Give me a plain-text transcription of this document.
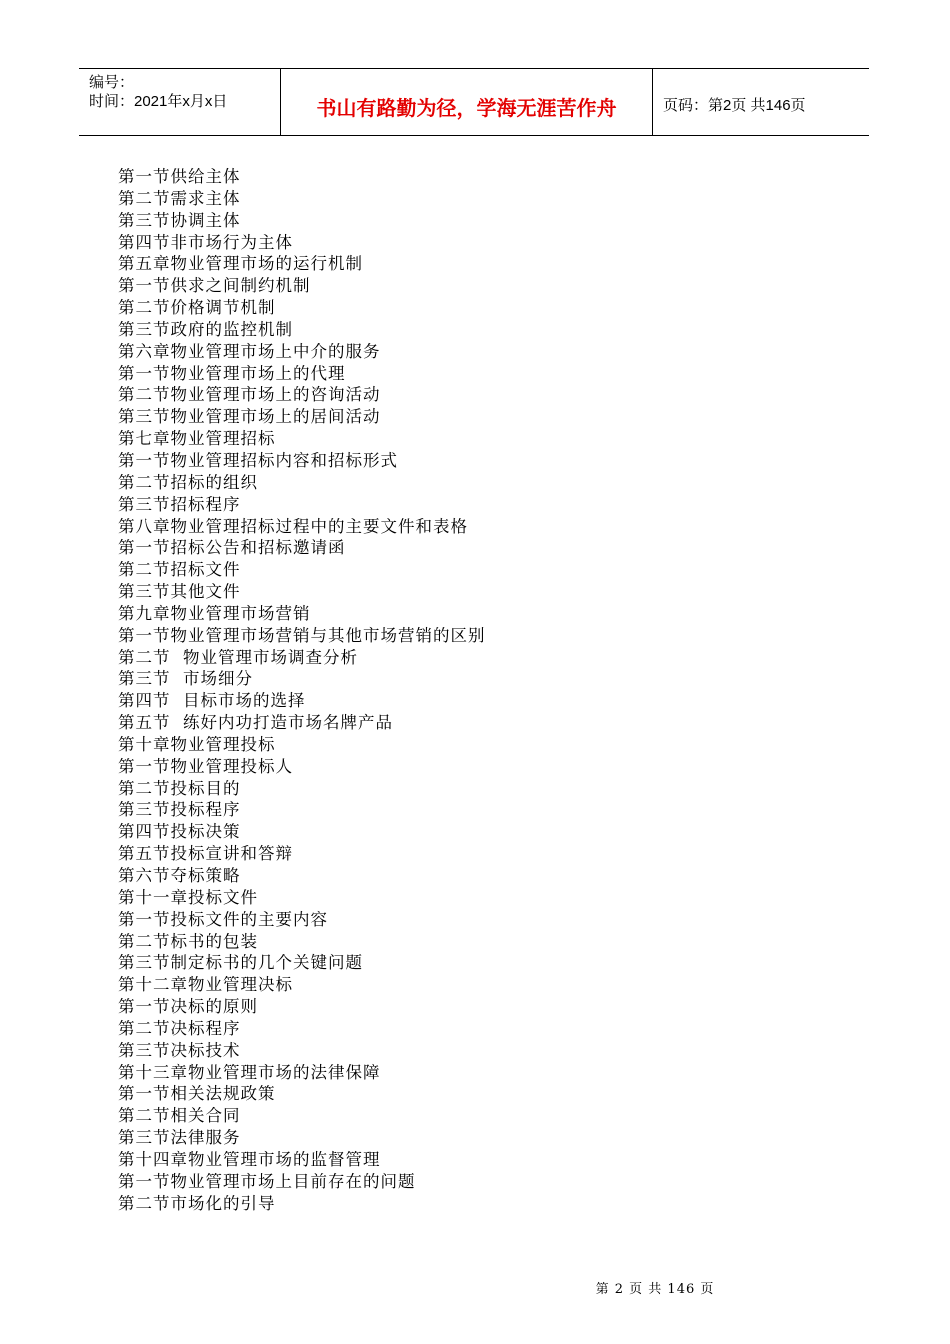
编号：
时间：2021年x月x日	书山有路勤为径，学海无涯苦作舟	页码：第2页 共146页
第一节供给主体
第二节需求主体
第三节协调主体
第四节非市场行为主体
第五章物业管理市场的运行机制
第一节供求之间制约机制
第二节价格调节机制
第三节政府的监控机制
第六章物业管理市场上中介的服务
第一节物业管理市场上的代理
第二节物业管理市场上的咨询活动
第三节物业管理市场上的居间活动
第七章物业管理招标
第一节物业管理招标内容和招标形式
第二节招标的组织
第三节招标程序
第八章物业管理招标过程中的主要文件和表格
第一节招标公告和招标邀请函
第二节招标文件
第三节其他文件
第九章物业管理市场营销
第一节物业管理市场营销与其他市场营销的区别
第二节  物业管理市场调查分析
第三节  市场细分
第四节  目标市场的选择
第五节  练好内功打造市场名牌产品
第十章物业管理投标
第一节物业管理投标人
第二节投标目的
第三节投标程序
第四节投标决策
第五节投标宣讲和答辩
第六节夺标策略
第十一章投标文件
第一节投标文件的主要内容
第二节标书的包装
第三节制定标书的几个关键问题
第十二章物业管理决标
第一节决标的原则
第二节决标程序
第三节决标技术
第十三章物业管理市场的法律保障
第一节相关法规政策
第二节相关合同
第三节法律服务
第十四章物业管理市场的监督管理
第一节物业管理市场上目前存在的问题
第二节市场化的引导
第 2 页 共 146 页
